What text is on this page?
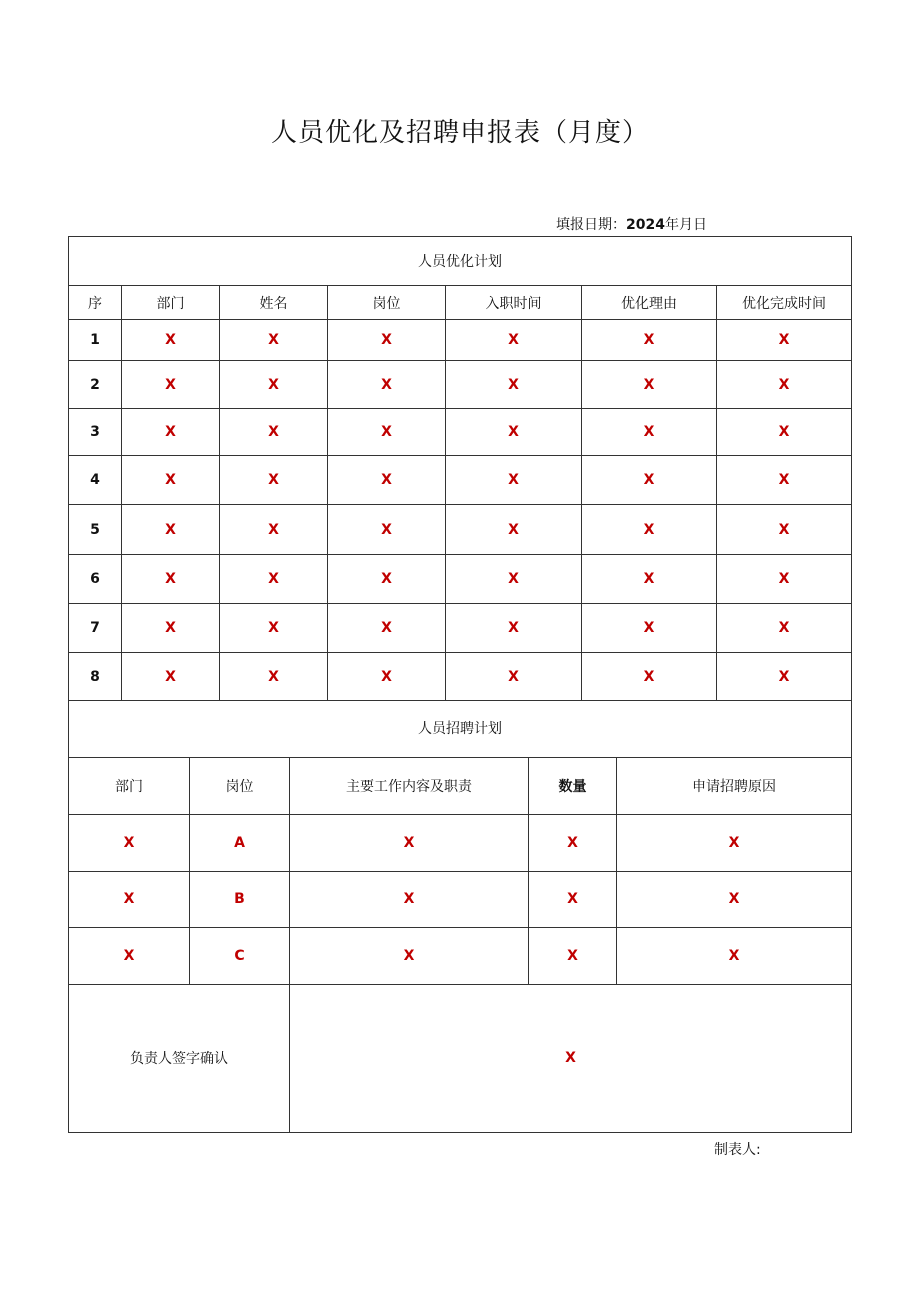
人员优化及招聘申报表（月度）
填报日期：2024年月日
人员优化计划						
序	部门	姓名	岗位	入职时间	优化理由	优化完成时间
1	X	X	X	X	X	X
2	X	X	X	X	X	X
3	X	X	X	X	X	X
4	X	X	X	X	X	X
5	X	X	X	X	X	X
6	X	X	X	X	X	X
7	X	X	X	X	X	X
8	X	X	X	X	X	X
人员招聘计划				
部门	岗位	主要工作内容及职责	数量	申请招聘原因
X	A	X	X	X
X	B	X	X	X
X	C	X	X	X
负责人签字确认		X		
制表人:
